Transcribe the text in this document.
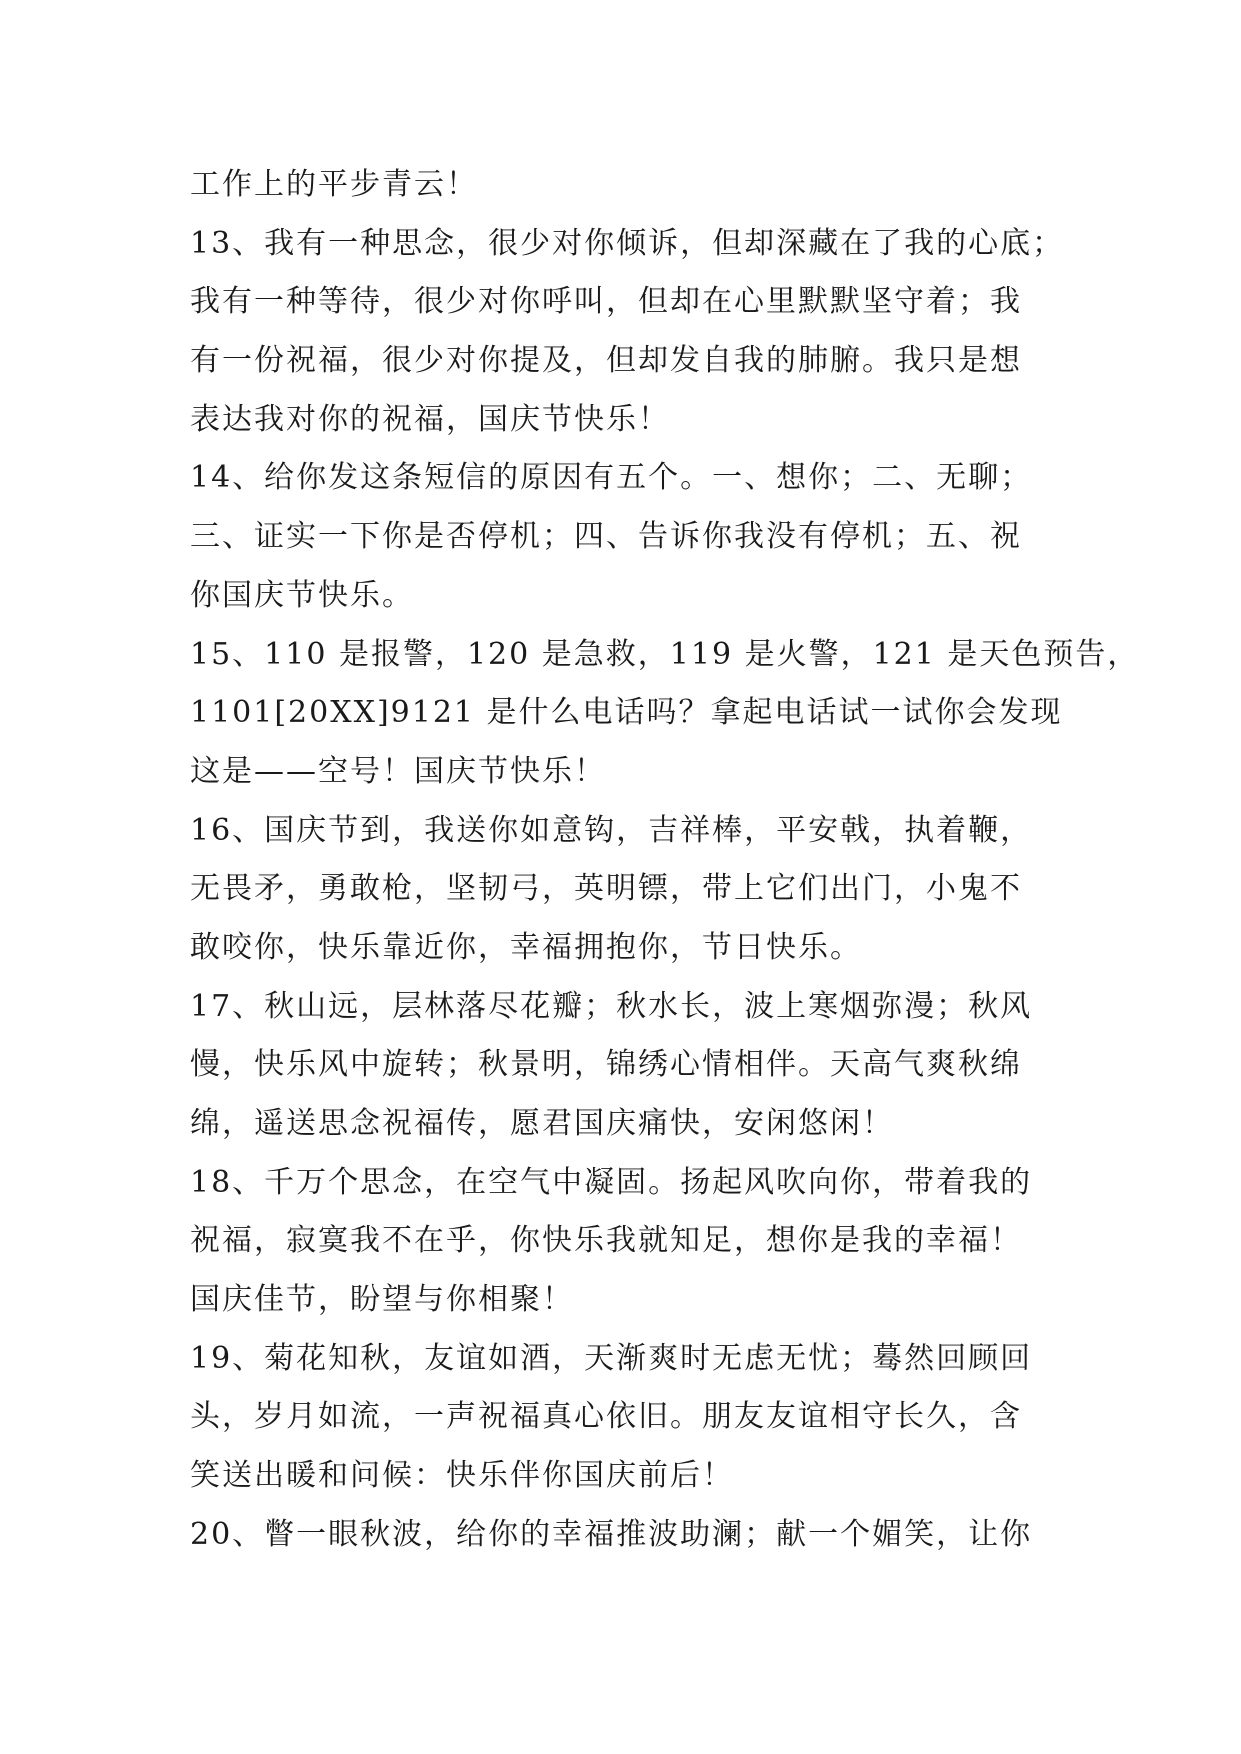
工作上的平步青云！
13、我有一种思念，很少对你倾诉，但却深藏在了我的心底；
我有一种等待，很少对你呼叫，但却在心里默默坚守着；我
有一份祝福，很少对你提及，但却发自我的肺腑。我只是想
表达我对你的祝福，国庆节快乐！
14、给你发这条短信的原因有五个。一、想你；二、无聊；
三、证实一下你是否停机；四、告诉你我没有停机；五、祝
你国庆节快乐。
15、110 是报警，120 是急救，119 是火警，121 是天色预告，
1101[20XX]9121 是什么电话吗？拿起电话试一试你会发现
这是——空号！国庆节快乐！
16、国庆节到，我送你如意钩，吉祥棒，平安戟，执着鞭，
无畏矛，勇敢枪，坚韧弓，英明镖，带上它们出门，小鬼不
敢咬你，快乐靠近你，幸福拥抱你，节日快乐。
17、秋山远，层林落尽花瓣；秋水长，波上寒烟弥漫；秋风
慢，快乐风中旋转；秋景明，锦绣心情相伴。天高气爽秋绵
绵，遥送思念祝福传，愿君国庆痛快，安闲悠闲！
18、千万个思念，在空气中凝固。扬起风吹向你，带着我的
祝福，寂寞我不在乎，你快乐我就知足，想你是我的幸福！
国庆佳节，盼望与你相聚！
19、菊花知秋，友谊如酒，天渐爽时无虑无忧；蓦然回顾回
头，岁月如流，一声祝福真心依旧。朋友友谊相守长久，含
笑送出暖和问候：快乐伴你国庆前后！
20、瞥一眼秋波，给你的幸福推波助澜；献一个媚笑，让你
